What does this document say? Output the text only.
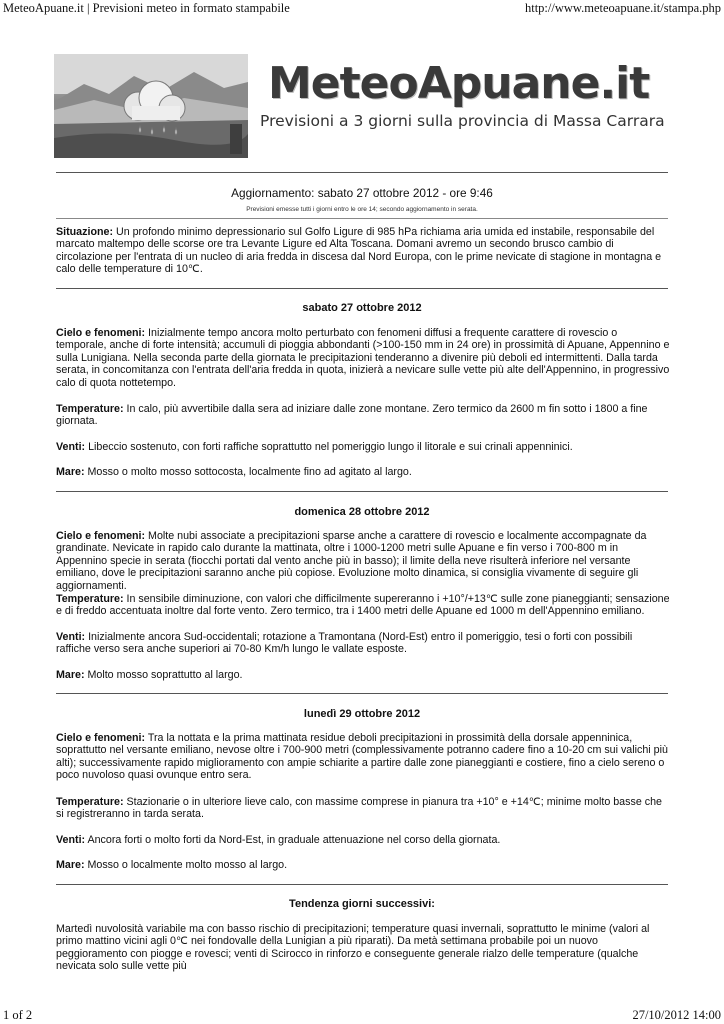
MeteoApuane.it | Previsioni meteo in formato stampabile	http://www.meteoapuane.it/stampa.php
MeteoApuane.it
Previsioni a 3 giorni sulla provincia di Massa Carrara
Aggiornamento: sabato 27 ottobre 2012 - ore 9:46
Previsioni emesse tutti i giorni entro le ore 14; secondo aggiornamento in serata.
Situazione: Un profondo minimo depressionario sul Golfo Ligure di 985 hPa richiama aria umida ed instabile, responsabile del marcato maltempo delle scorse ore tra Levante Ligure ed Alta Toscana. Domani avremo un secondo brusco cambio di circolazione per l'entrata di un nucleo di aria fredda in discesa dal Nord Europa, con le prime nevicate di stagione in montagna e calo delle temperature di 10℃.
sabato 27 ottobre 2012
Cielo e fenomeni: Inizialmente tempo ancora molto perturbato con fenomeni diffusi a frequente carattere di rovescio o temporale, anche di forte intensità; accumuli di pioggia abbondanti (>100-150 mm in 24 ore) in prossimità di Apuane, Appennino e sulla Lunigiana. Nella seconda parte della giornata le precipitazioni tenderanno a divenire più deboli ed intermittenti. Dalla tarda serata, in concomitanza con l'entrata dell'aria fredda in quota, inizierà a nevicare sulle vette più alte dell'Appennino, in progressivo calo di quota nottetempo.
Temperature: In calo, più avvertibile dalla sera ad iniziare dalle zone montane. Zero termico da 2600 m fin sotto i 1800 a fine giornata.
Venti: Libeccio sostenuto, con forti raffiche soprattutto nel pomeriggio lungo il litorale e sui crinali appenninici.
Mare: Mosso o molto mosso sottocosta, localmente fino ad agitato al largo.
domenica 28 ottobre 2012
Cielo e fenomeni: Molte nubi associate a precipitazioni sparse anche a carattere di rovescio e localmente accompagnate da grandinate. Nevicate in rapido calo durante la mattinata, oltre i 1000-1200 metri sulle Apuane e fin verso i 700-800 m in Appennino specie in serata (fiocchi portati dal vento anche più in basso); il limite della neve risulterà inferiore nel versante emiliano, dove le precipitazioni saranno anche più copiose. Evoluzione molto dinamica, si consiglia vivamente di seguire gli aggiornamenti.
Temperature: In sensibile diminuzione, con valori che difficilmente supereranno i +10°/+13℃ sulle zone pianeggianti; sensazione e di freddo accentuata inoltre dal forte vento. Zero termico, tra i 1400 metri delle Apuane ed 1000 m dell'Appennino emiliano.
Venti: Inizialmente ancora Sud-occidentali; rotazione a Tramontana (Nord-Est) entro il pomeriggio, tesi o forti con possibili raffiche verso sera anche superiori ai 70-80 Km/h lungo le vallate esposte.
Mare: Molto mosso soprattutto al largo.
lunedì 29 ottobre 2012
Cielo e fenomeni: Tra la nottata e la prima mattinata residue deboli precipitazioni in prossimità della dorsale appenninica, soprattutto nel versante emiliano, nevose oltre i 700-900 metri (complessivamente potranno cadere fino a 10-20 cm sui valichi più alti); successivamente rapido miglioramento con ampie schiarite a partire dalle zone pianeggianti e costiere, fino a cielo sereno o poco nuvoloso quasi ovunque entro sera.
Temperature: Stazionarie o in ulteriore lieve calo, con massime comprese in pianura tra +10° e +14℃; minime molto basse che si registreranno in tarda serata.
Venti: Ancora forti o molto forti da Nord-Est, in graduale attenuazione nel corso della giornata.
Mare: Mosso o localmente molto mosso al largo.
Tendenza giorni successivi:
Martedì nuvolosità variabile ma con basso rischio di precipitazioni; temperature quasi invernali, soprattutto le minime (valori al primo mattino vicini agli 0℃ nei fondovalle della Lunigian a più riparati). Da metà settimana probabile poi un nuovo peggioramento con piogge e rovesci; venti di Scirocco in rinforzo e conseguente generale rialzo delle temperature (qualche nevicata solo sulle vette più
1 of 2	27/10/2012 14:00
